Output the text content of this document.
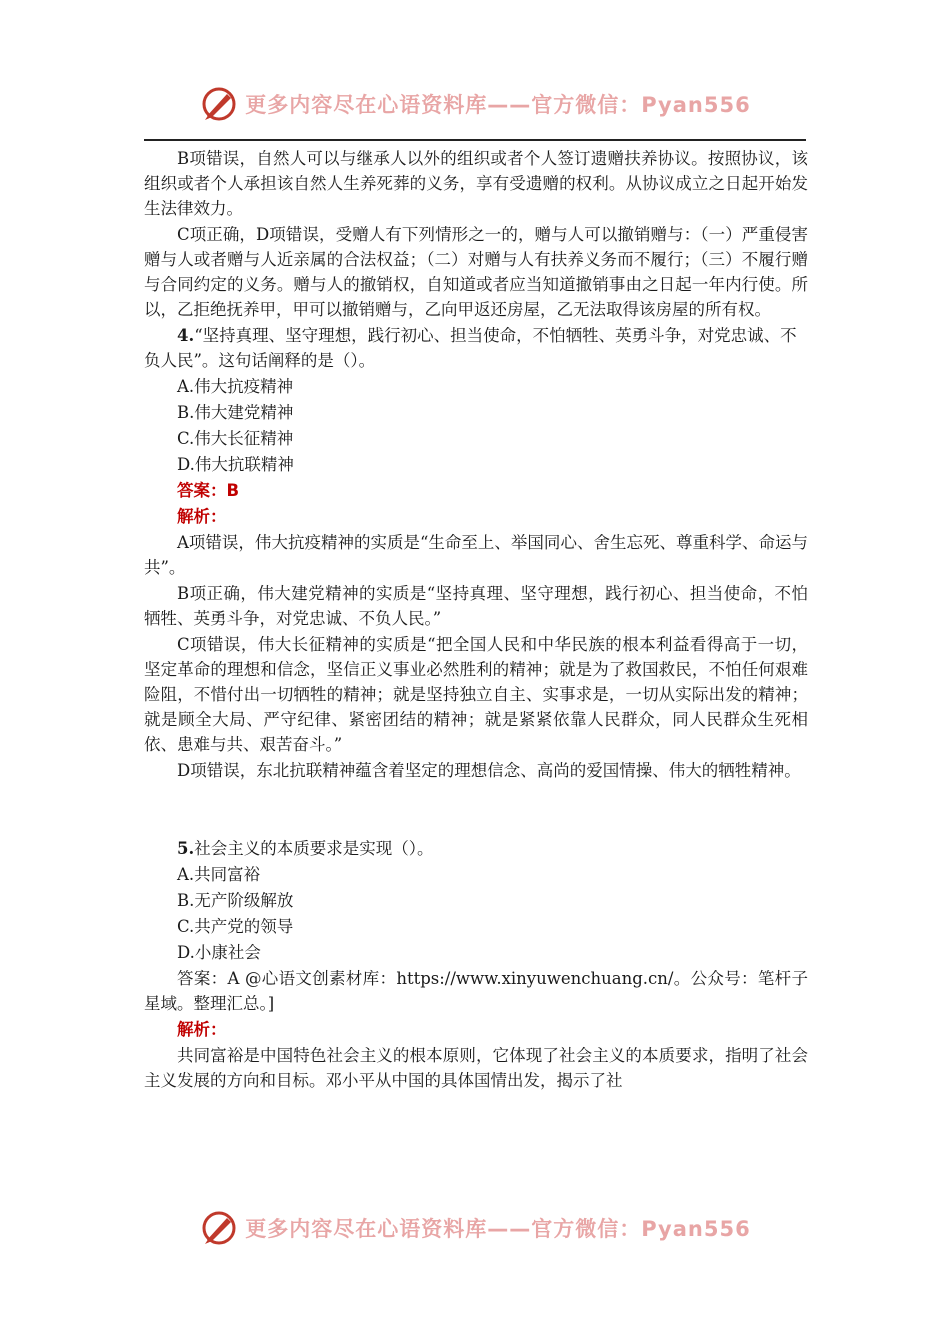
更多内容尽在心语资料库——官方微信：Pyan556

B项错误，自然人可以与继承人以外的组织或者个人签订遗赠扶养协议。按照协议，该组织或者个人承担该自然人生养死葬的义务，享有受遗赠的权利。从协议成立之日起开始发生法律效力。

C项正确，D项错误，受赠人有下列情形之一的，赠与人可以撤销赠与：（一）严重侵害赠与人或者赠与人近亲属的合法权益；（二）对赠与人有扶养义务而不履行；（三）不履行赠与合同约定的义务。赠与人的撤销权，自知道或者应当知道撤销事由之日起一年内行使。所以，乙拒绝抚养甲，甲可以撤销赠与，乙向甲返还房屋，乙无法取得该房屋的所有权。

4.“坚持真理、坚守理想，践行初心、担当使命，不怕牺牲、英勇斗争，对党忠诚、不负人民”。这句话阐释的是（）。

A.伟大抗疫精神

B.伟大建党精神

C.伟大长征精神

D.伟大抗联精神

答案：B

解析：

A项错误，伟大抗疫精神的实质是“生命至上、举国同心、舍生忘死、尊重科学、命运与共”。

B项正确，伟大建党精神的实质是“坚持真理、坚守理想，践行初心、担当使命，不怕牺牲、英勇斗争，对党忠诚、不负人民。”

C项错误，伟大长征精神的实质是“把全国人民和中华民族的根本利益看得高于一切，坚定革命的理想和信念，坚信正义事业必然胜利的精神；就是为了救国救民，不怕任何艰难险阻，不惜付出一切牺牲的精神；就是坚持独立自主、实事求是，一切从实际出发的精神；就是顾全大局、严守纪律、紧密团结的精神；就是紧紧依靠人民群众，同人民群众生死相依、患难与共、艰苦奋斗。”

D项错误，东北抗联精神蕴含着坚定的理想信念、高尚的爱国情操、伟大的牺牲精神。

5.社会主义的本质要求是实现（）。

A.共同富裕

B.无产阶级解放

C.共产党的领导

D.小康社会

答案：A @心语文创素材库：https://www.xinyuwenchuang.cn/。公众号：笔杆子星域。整理汇总。]

解析：

共同富裕是中国特色社会主义的根本原则，它体现了社会主义的本质要求，指明了社会主义发展的方向和目标。邓小平从中国的具体国情出发，揭示了社

更多内容尽在心语资料库——官方微信：Pyan556
